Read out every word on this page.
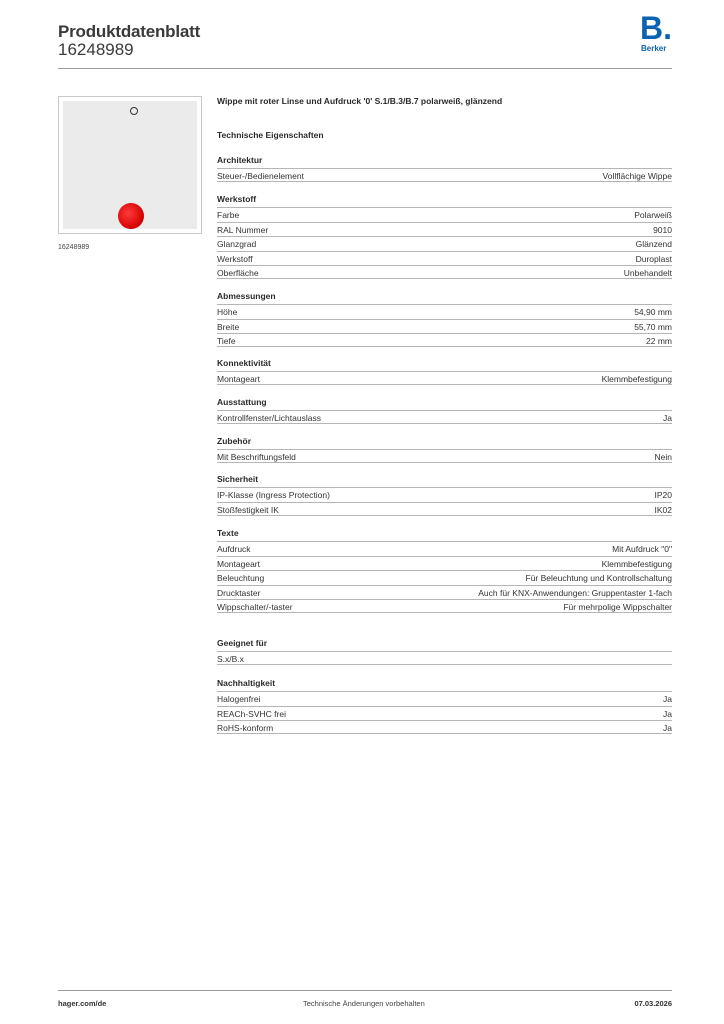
Produktdatenblatt
16248989
B.
Berker
16248989
Wippe mit roter Linse und Aufdruck '0' S.1/B.3/B.7 polarweiß, glänzend
Technische Eigenschaften
Architektur
Steuer-/Bedienelement	Vollflächige Wippe
Werkstoff
Farbe	Polarweiß
RAL Nummer	9010
Glanzgrad	Glänzend
Werkstoff	Duroplast
Oberfläche	Unbehandelt
Abmessungen
Höhe	54,90 mm
Breite	55,70 mm
Tiefe	22 mm
Konnektivität
Montageart	Klemmbefestigung
Ausstattung
Kontrollfenster/Lichtauslass	Ja
Zubehör
Mit Beschriftungsfeld	Nein
Sicherheit
IP-Klasse (Ingress Protection)	IP20
Stoßfestigkeit IK	IK02
Texte
Aufdruck	Mit Aufdruck "0"
Montageart	Klemmbefestigung
Beleuchtung	Für Beleuchtung und Kontrollschaltung
Drucktaster	Auch für KNX-Anwendungen: Gruppentaster 1-fach
Wippschalter/-taster	Für mehrpolige Wippschalter
Geeignet für
S.x/B.x
Nachhaltigkeit
Halogenfrei	Ja
REACh-SVHC frei	Ja
RoHS-konform	Ja
hager.com/de	Technische Änderungen vorbehalten	07.03.2026
